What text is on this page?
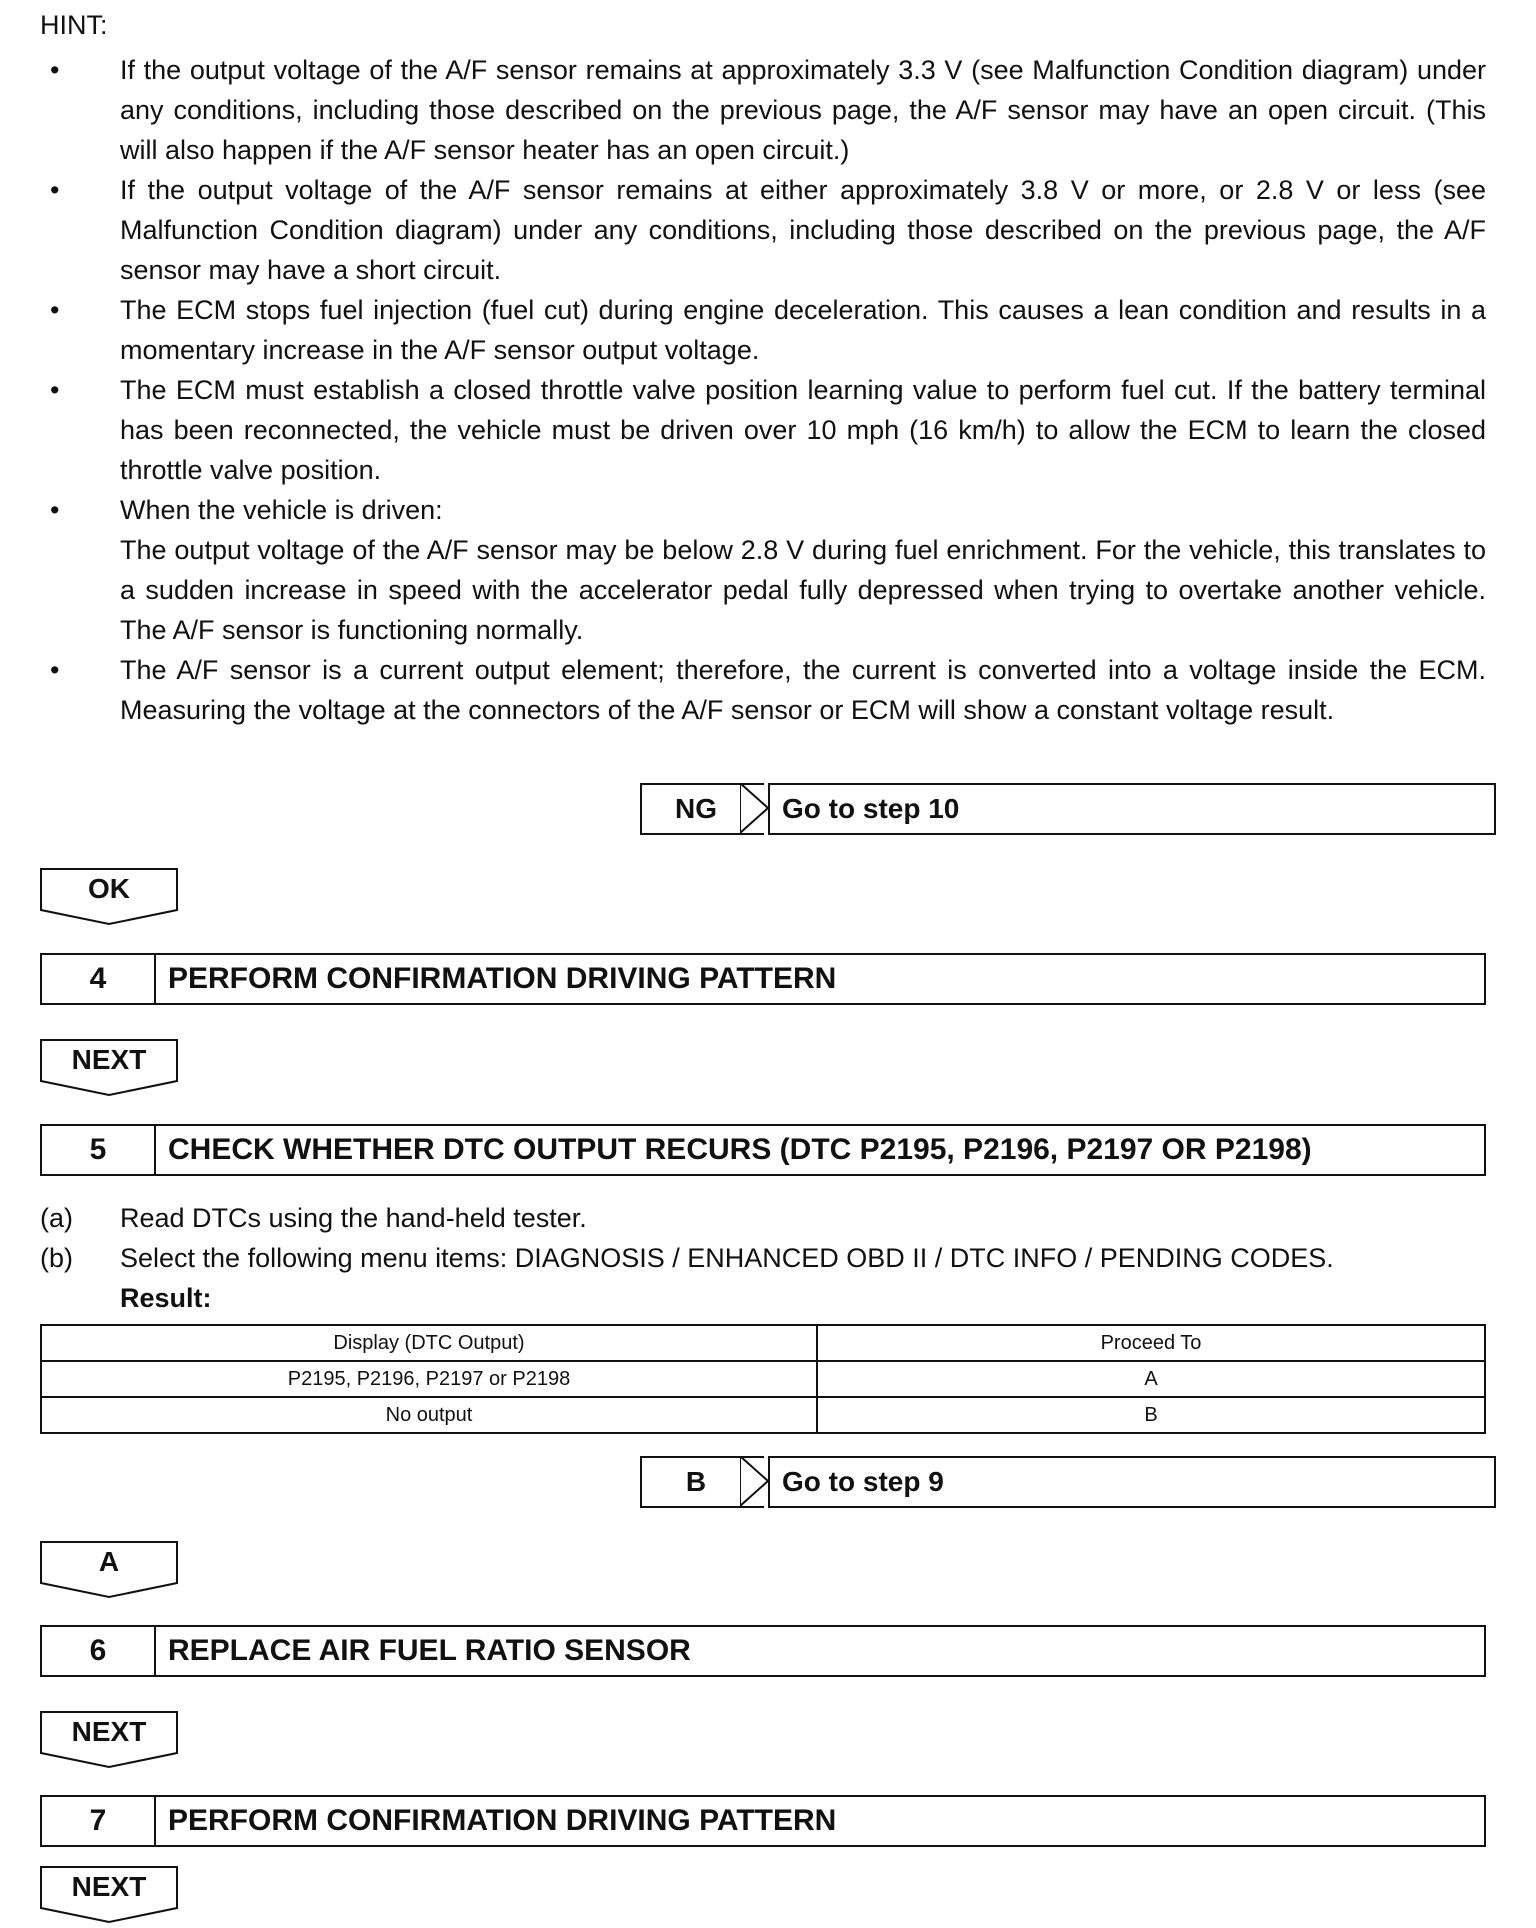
HINT:
• If the output voltage of the A/F sensor remains at approximately 3.3 V (see Malfunction Condition diagram) under any conditions, including those described on the previous page, the A/F sensor may have an open circuit. (This will also happen if the A/F sensor heater has an open circuit.)
• If the output voltage of the A/F sensor remains at either approximately 3.8 V or more, or 2.8 V or less (see Malfunction Condition diagram) under any conditions, including those described on the previous page, the A/F sensor may have a short circuit.
• The ECM stops fuel injection (fuel cut) during engine deceleration. This causes a lean condition and results in a momentary increase in the A/F sensor output voltage.
• The ECM must establish a closed throttle valve position learning value to perform fuel cut. If the battery terminal has been reconnected, the vehicle must be driven over 10 mph (16 km/h) to allow the ECM to learn the closed throttle valve position.
• When the vehicle is driven:
The output voltage of the A/F sensor may be below 2.8 V during fuel enrichment. For the vehicle, this translates to a sudden increase in speed with the accelerator pedal fully depressed when trying to overtake another vehicle. The A/F sensor is functioning normally.
• The A/F sensor is a current output element; therefore, the current is converted into a voltage inside the ECM. Measuring the voltage at the connectors of the A/F sensor or ECM will show a constant voltage result.
NG	Go to step 10
OK
4	PERFORM CONFIRMATION DRIVING PATTERN
NEXT
5	CHECK WHETHER DTC OUTPUT RECURS (DTC P2195, P2196, P2197 OR P2198)
(a) Read DTCs using the hand-held tester.
(b) Select the following menu items: DIAGNOSIS / ENHANCED OBD II / DTC INFO / PENDING CODES.
Result:
Display (DTC Output)	Proceed To
P2195, P2196, P2197 or P2198	A
No output	B
B	Go to step 9
A
6	REPLACE AIR FUEL RATIO SENSOR
NEXT
7	PERFORM CONFIRMATION DRIVING PATTERN
NEXT
